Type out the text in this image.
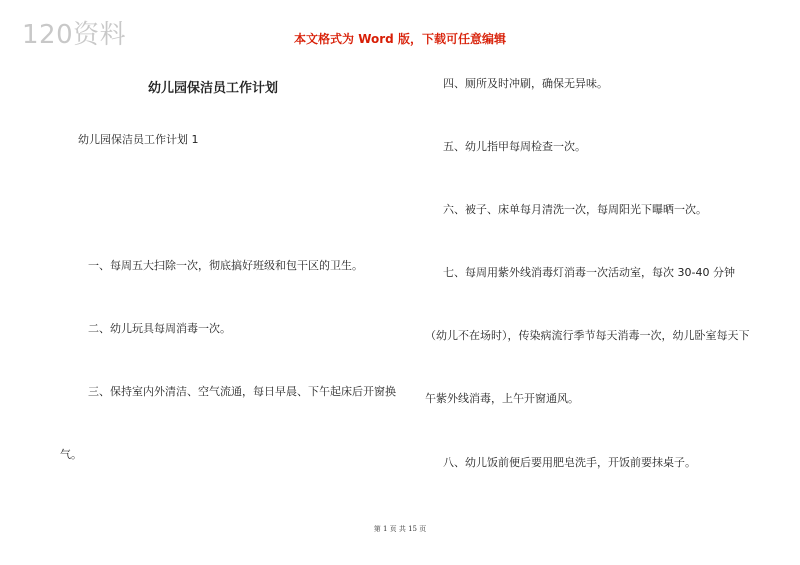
120资料	本文格式为 Word 版，下载可任意编辑
幼儿园保洁员工作计划
幼儿园保洁员工作计划 1
一、每周五大扫除一次，彻底搞好班级和包干区的卫生。
二、幼儿玩具每周消毒一次。
三、保持室内外清洁、空气流通，每日早晨、下午起床后开窗换
气。
四、厕所及时冲刷，确保无异味。
五、幼儿指甲每周检查一次。
六、被子、床单每月清洗一次，每周阳光下曝晒一次。
七、每周用紫外线消毒灯消毒一次活动室，每次 30-40 分钟
（幼儿不在场时），传染病流行季节每天消毒一次，幼儿卧室每天下
午紫外线消毒，上午开窗通风。
八、幼儿饭前便后要用肥皂洗手，开饭前要抹桌子。
第 1 页 共 15 页
